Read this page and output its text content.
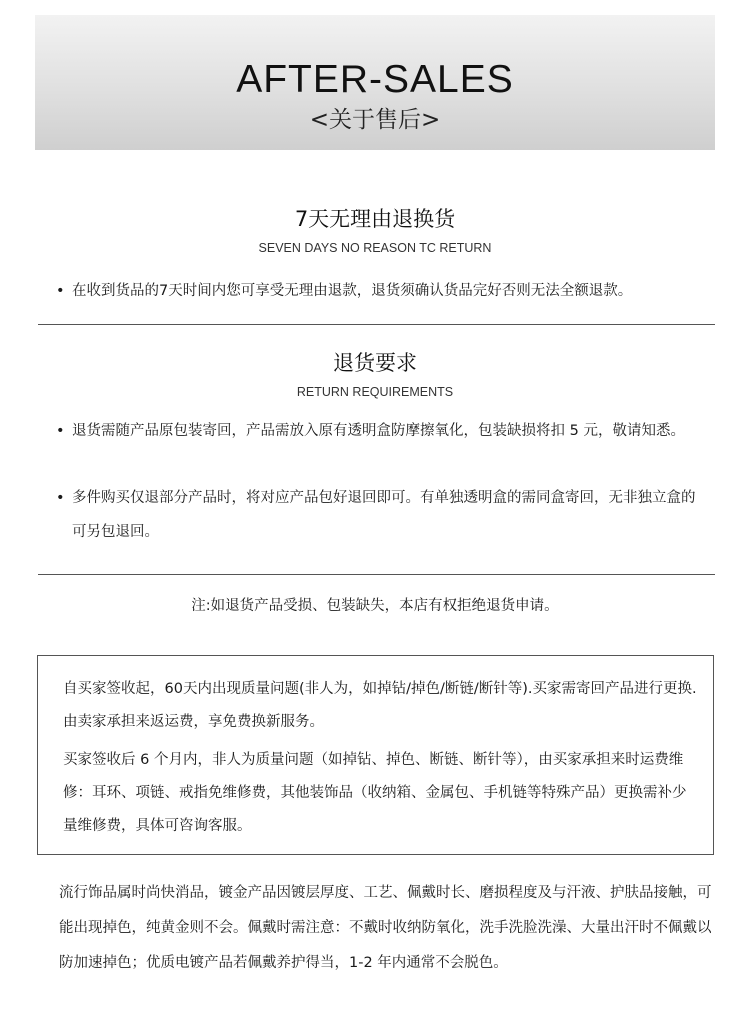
AFTER-SALES
<关于售后>
7天无理由退换货
SEVEN DAYS NO REASON TC RETURN
• 在收到货品的7天时间内您可享受无理由退款，退货须确认货品完好否则无法全额退款。
退货要求
RETURN REQUIREMENTS
• 退货需随产品原包装寄回，产品需放入原有透明盒防摩擦氧化，包装缺损将扣 5 元，敬请知悉。
• 多件购买仅退部分产品时，将对应产品包好退回即可。有单独透明盒的需同盒寄回，无非独立盒的可另包退回。
注:如退货产品受损、包装缺失，本店有权拒绝退货申请。

自买家签收起，60天内出现质量问题(非人为，如掉钻/掉色/断链/断针等).买家需寄回产品进行更换.由卖家承担来返运费，享免费换新服务。

买家签收后 6 个月内，非人为质量问题（如掉钻、掉色、断链、断针等），由买家承担来时运费维修：耳环、项链、戒指免维修费，其他装饰品（收纳箱、金属包、手机链等特殊产品）更换需补少量维修费，具体可咨询客服。

流行饰品属时尚快消品，镀金产品因镀层厚度、工艺、佩戴时长、磨损程度及与汗液、护肤品接触，可能出现掉色，纯黄金则不会。佩戴时需注意：不戴时收纳防氧化，洗手洗脸洗澡、大量出汗时不佩戴以防加速掉色；优质电镀产品若佩戴养护得当，1-2 年内通常不会脱色。
